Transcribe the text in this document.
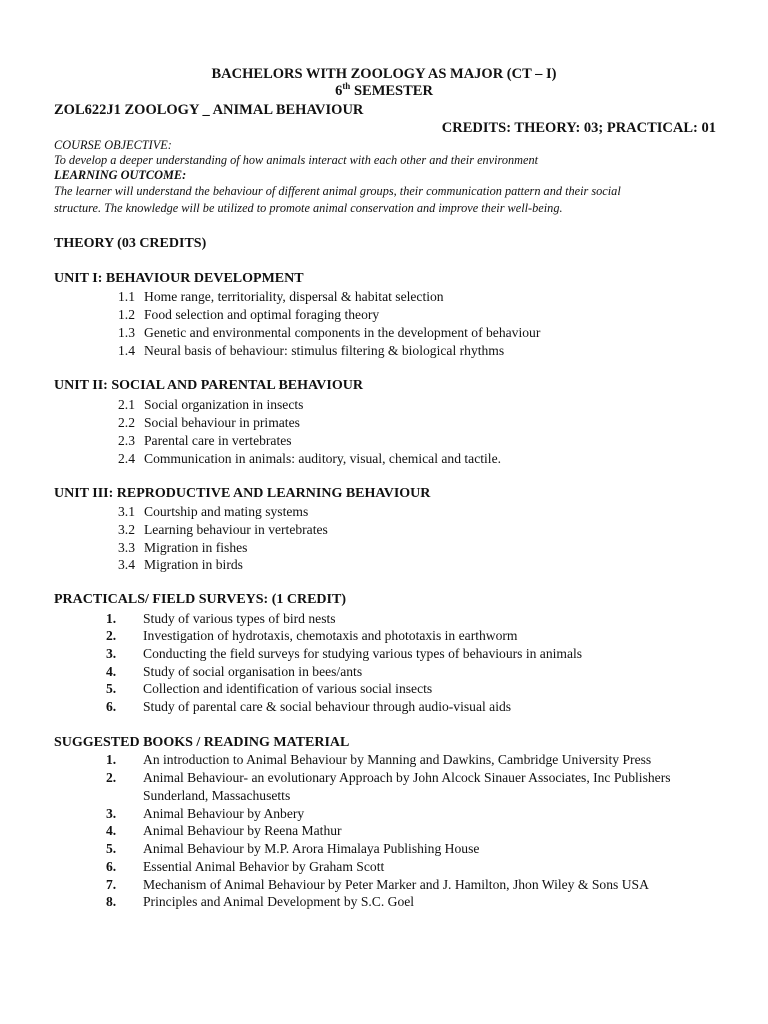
BACHELORS WITH ZOOLOGY AS MAJOR (CT – I)
6th SEMESTER
ZOL622J1 ZOOLOGY _ ANIMAL BEHAVIOUR
CREDITS: THEORY: 03; PRACTICAL: 01
COURSE OBJECTIVE:
To develop a deeper understanding of how animals interact with each other and their environment
LEARNING OUTCOME:
The learner will understand the behaviour of different animal groups, their communication pattern and their social
structure. The knowledge will be utilized to promote animal conservation and improve their well-being.
THEORY (03 CREDITS)
UNIT I: BEHAVIOUR DEVELOPMENT
1.1 Home range, territoriality, dispersal & habitat selection
1.2 Food selection and optimal foraging theory
1.3 Genetic and environmental components in the development of behaviour
1.4 Neural basis of behaviour: stimulus filtering & biological rhythms
UNIT II: SOCIAL AND PARENTAL BEHAVIOUR
2.1 Social organization in insects
2.2 Social behaviour in primates
2.3 Parental care in vertebrates
2.4 Communication in animals: auditory, visual, chemical and tactile.
UNIT III: REPRODUCTIVE AND LEARNING BEHAVIOUR
3.1 Courtship and mating systems
3.2 Learning behaviour in vertebrates
3.3 Migration in fishes
3.4 Migration in birds
PRACTICALS/ FIELD SURVEYS: (1 CREDIT)
1. Study of various types of bird nests
2. Investigation of hydrotaxis, chemotaxis and phototaxis in earthworm
3. Conducting the field surveys for studying various types of behaviours in animals
4. Study of social organisation in bees/ants
5. Collection and identification of various social insects
6. Study of parental care & social behaviour through audio-visual aids
SUGGESTED BOOKS / READING MATERIAL
1. An introduction to Animal Behaviour by Manning and Dawkins, Cambridge University Press
2. Animal Behaviour- an evolutionary Approach by John Alcock Sinauer Associates, Inc Publishers
Sunderland, Massachusetts
3. Animal Behaviour by Anbery
4. Animal Behaviour by Reena Mathur
5. Animal Behaviour by M.P. Arora Himalaya Publishing House
6. Essential Animal Behavior by Graham Scott
7. Mechanism of Animal Behaviour by Peter Marker and J. Hamilton, Jhon Wiley & Sons USA
8. Principles and Animal Development by S.C. Goel
